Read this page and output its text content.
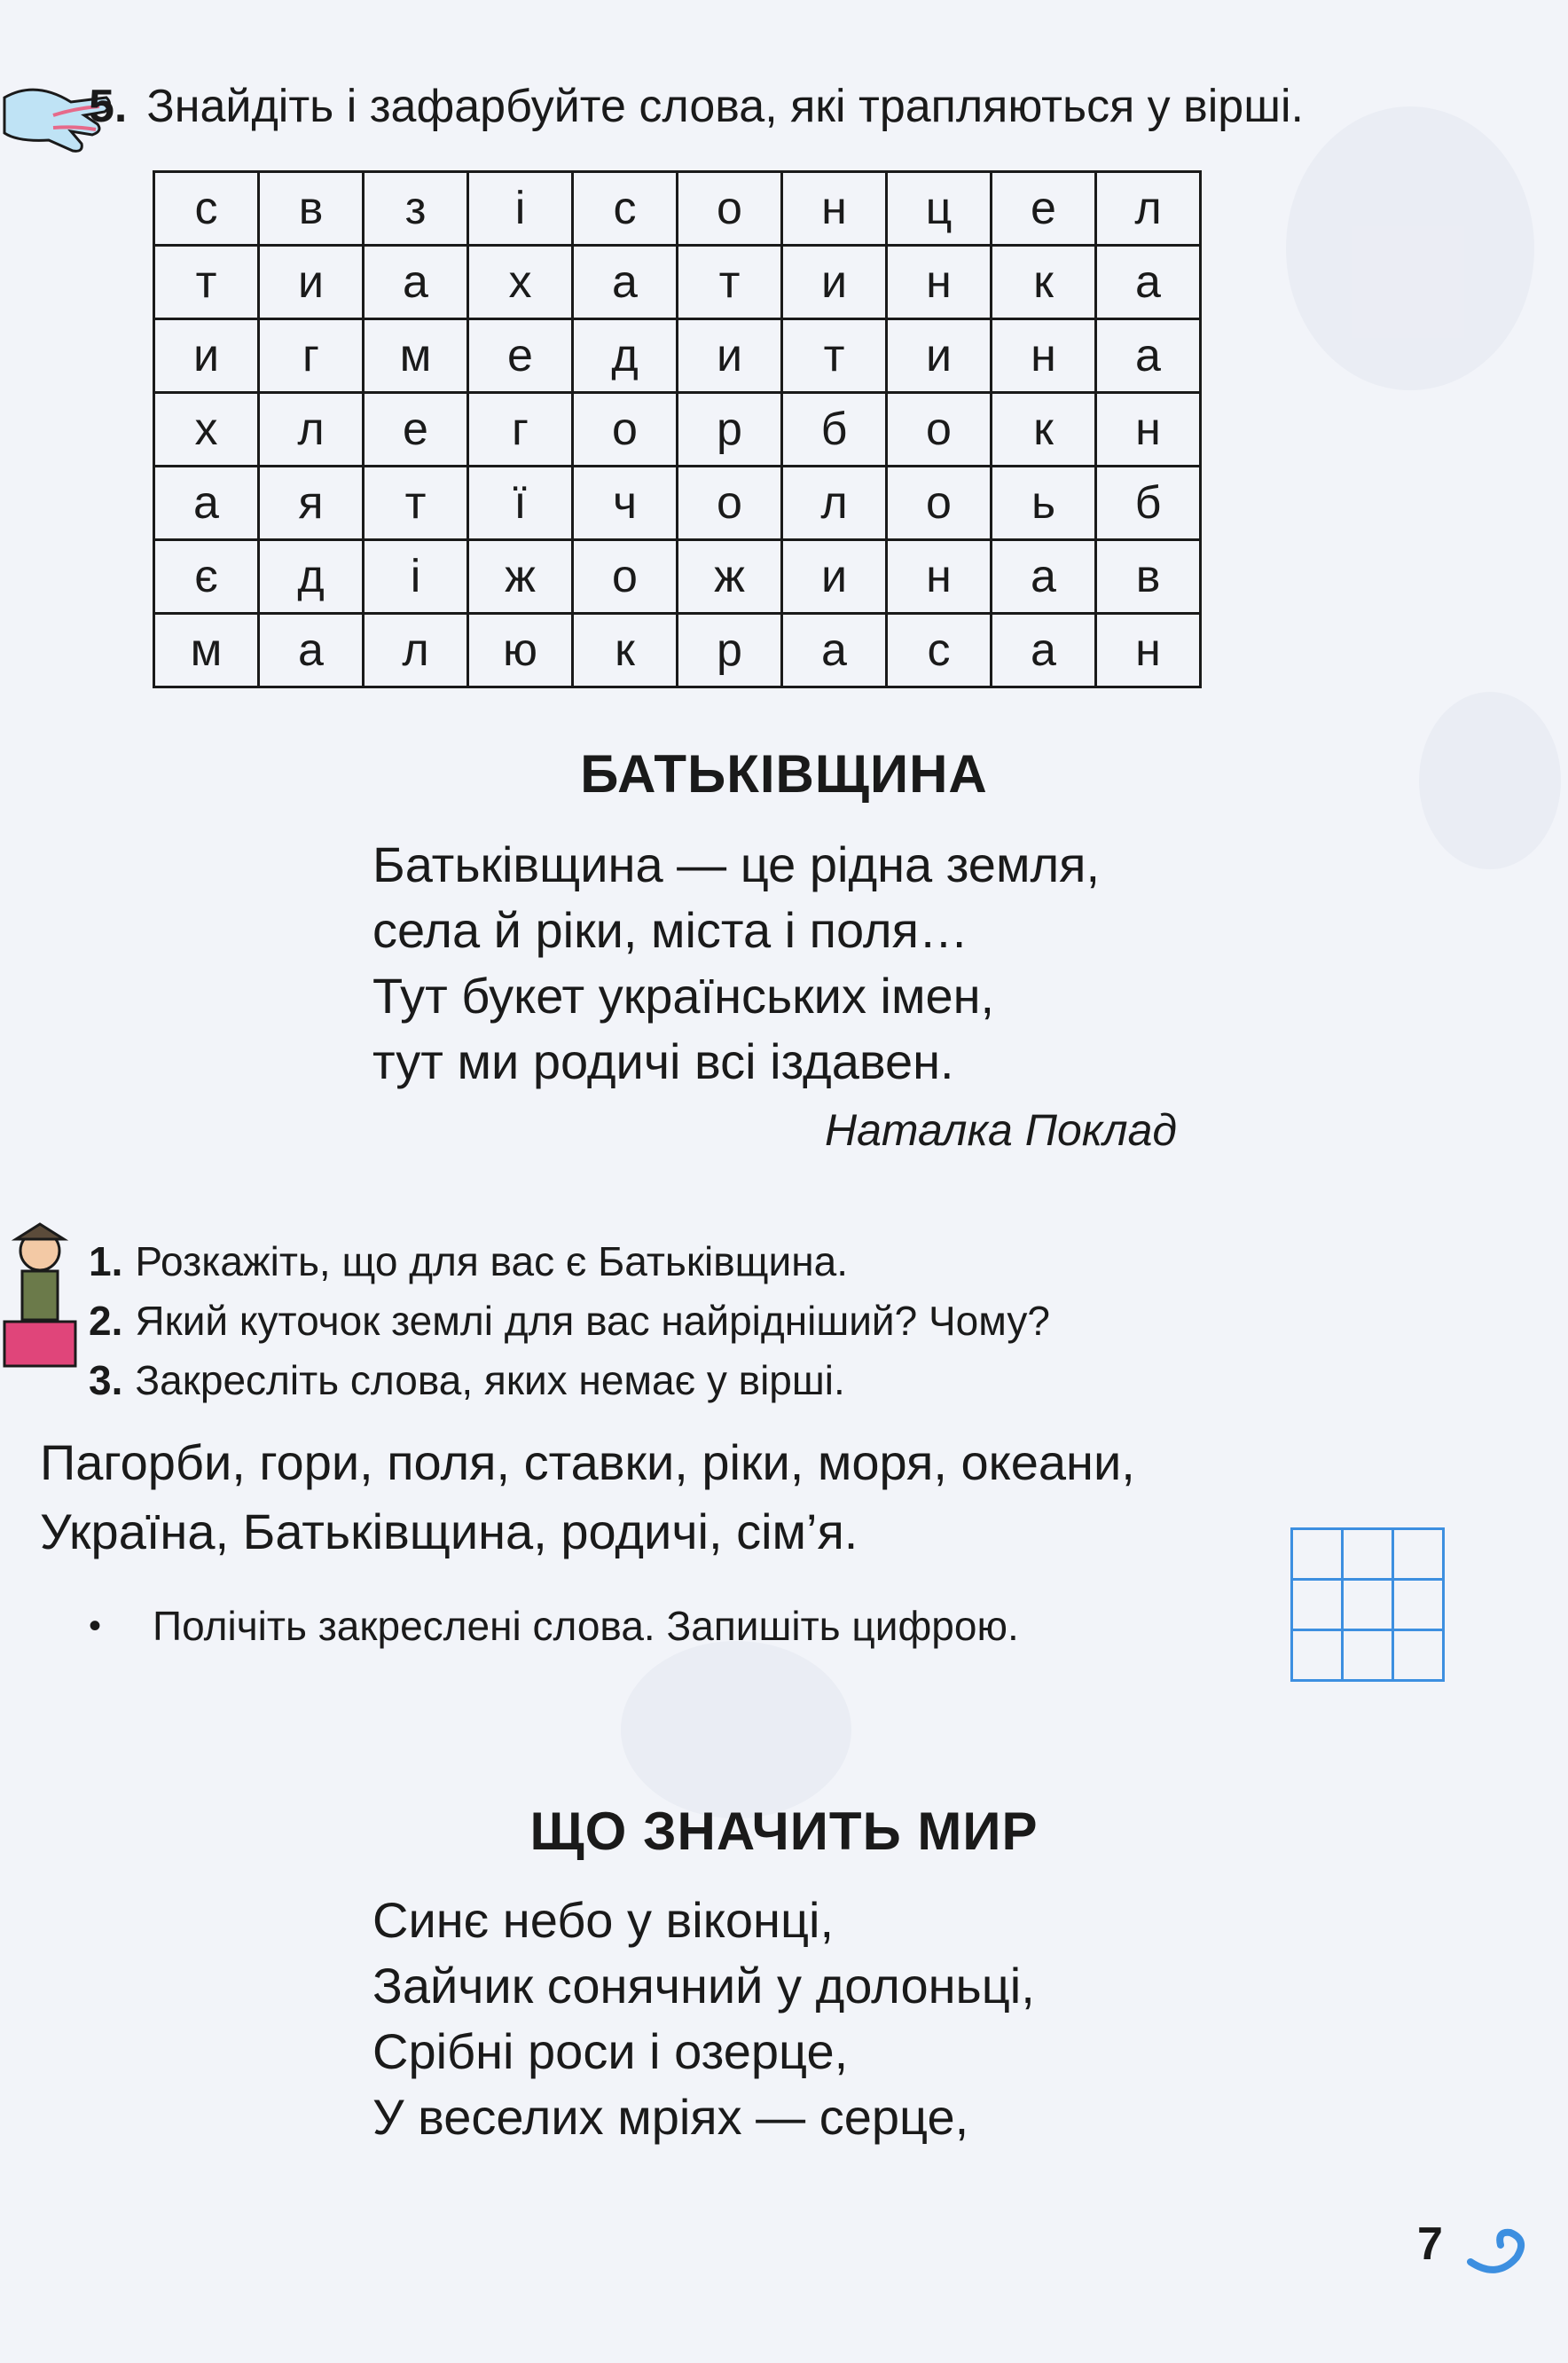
5. Знайдіть і зафарбуйте слова, які трапляються у вірші.
с	в	з	і	с	о	н	ц	е	л
т	и	а	х	а	т	и	н	к	а
и	г	м	е	д	и	т	и	н	а
х	л	е	г	о	р	б	о	к	н
а	я	т	ї	ч	о	л	о	ь	б
є	д	і	ж	о	ж	и	н	а	в
м	а	л	ю	к	р	а	с	а	н
БАТЬКІВЩИНА
Батьківщина — це рідна земля,
села й ріки, міста і поля…
Тут букет українських імен,
тут ми родичі всі іздавен.
Наталка Поклад
1. Розкажіть, що для вас є Батьківщина.
2. Який куточок землі для вас найрідніший? Чому?
3. Закресліть слова, яких немає у вірші.
Пагорби, гори, поля, ставки, ріки, моря, океани,
Україна, Батьківщина, родичі, сім’я.
• Полічіть закреслені слова. Запишіть цифрою.

ЩО ЗНАЧИТЬ МИР
Синє небо у віконці,
Зайчик сонячний у долоньці,
Срібні роси і озерце,
У веселих мріях — серце,
7
